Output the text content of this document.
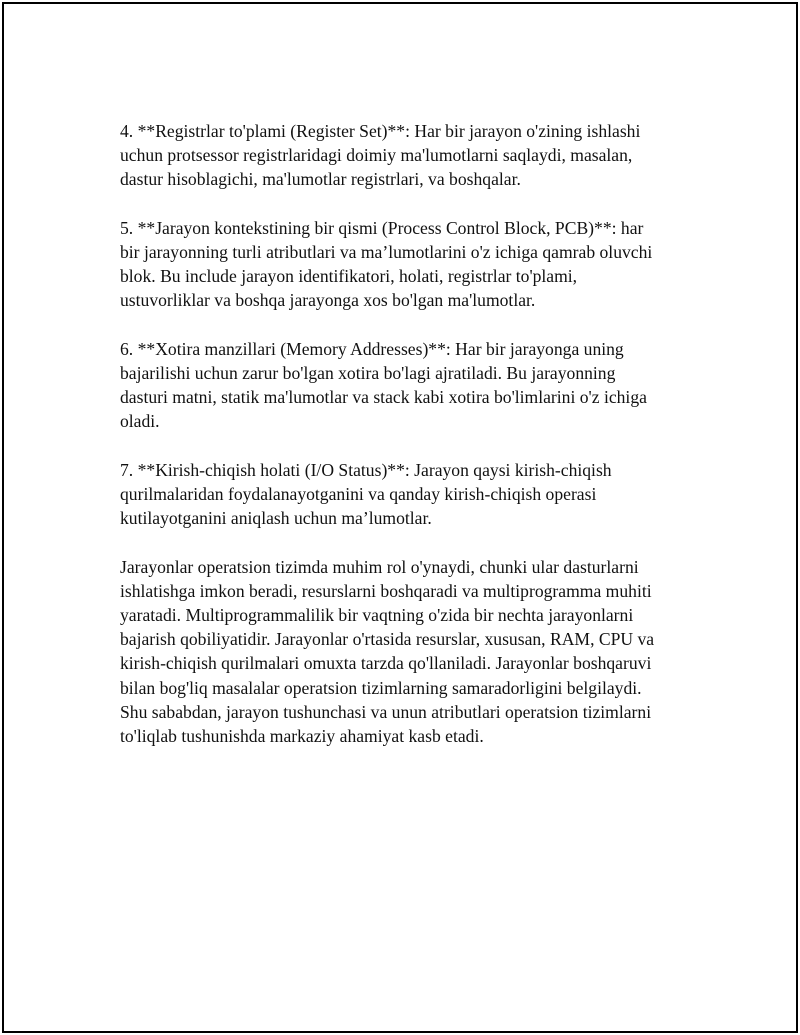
4. **Registrlar to'plami (Register Set)**: Har bir jarayon o'zining ishlashi
uchun protsessor registrlaridagi doimiy ma'lumotlarni saqlaydi, masalan,
dastur hisoblagichi, ma'lumotlar registrlari, va boshqalar.

5. **Jarayon kontekstining bir qismi (Process Control Block, PCB)**: har
bir jarayonning turli atributlari va ma’lumotlarini o'z ichiga qamrab oluvchi
blok. Bu include jarayon identifikatori, holati, registrlar to'plami,
ustuvorliklar va boshqa jarayonga xos bo'lgan ma'lumotlar.

6. **Xotira manzillari (Memory Addresses)**: Har bir jarayonga uning
bajarilishi uchun zarur bo'lgan xotira bo'lagi ajratiladi. Bu jarayonning
dasturi matni, statik ma'lumotlar va stack kabi xotira bo'limlarini o'z ichiga
oladi.

7. **Kirish-chiqish holati (I/O Status)**: Jarayon qaysi kirish-chiqish
qurilmalaridan foydalanayotganini va qanday kirish-chiqish operasi
kutilayotganini aniqlash uchun ma’lumotlar.

Jarayonlar operatsion tizimda muhim rol o'ynaydi, chunki ular dasturlarni
ishlatishga imkon beradi, resurslarni boshqaradi va multiprogramma muhiti
yaratadi. Multiprogrammalilik bir vaqtning o'zida bir nechta jarayonlarni
bajarish qobiliyatidir. Jarayonlar o'rtasida resurslar, xususan, RAM, CPU va
kirish-chiqish qurilmalari omuxta tarzda qo'llaniladi. Jarayonlar boshqaruvi
bilan bog'liq masalalar operatsion tizimlarning samaradorligini belgilaydi.
Shu sababdan, jarayon tushunchasi va unun atributlari operatsion tizimlarni
to'liqlab tushunishda markaziy ahamiyat kasb etadi.
